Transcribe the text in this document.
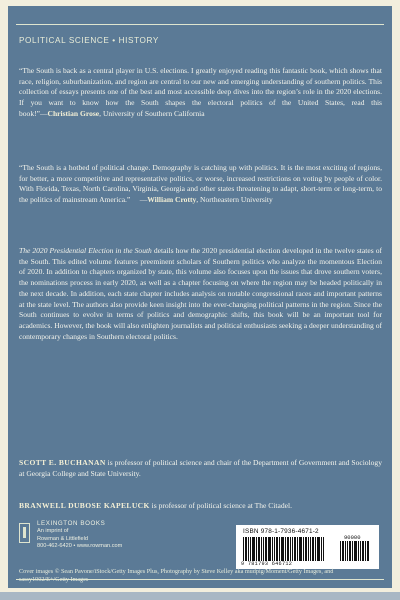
POLITICAL SCIENCE • HISTORY
“The South is back as a central player in U.S. elections. I greatly enjoyed reading this fantastic book, which shows that race, religion, suburbanization, and region are central to our new and emerging understanding of southern politics. This collection of essays presents one of the best and most accessible deep dives into the region’s role in the 2020 elections. If you want to know how the South shapes the electoral politics of the United States, read this book!”—Christian Grose, University of Southern California
“The South is a hotbed of political change. Demography is catching up with politics. It is the most exciting of regions, for better, a more competitive and representative politics, or worse, increased restrictions on voting by people of color. With Florida, Texas, North Carolina, Virginia, Georgia and other states threatening to adapt, short-term or long-term, to the politics of mainstream America.” —William Crotty, Northeastern University
The 2020 Presidential Election in the South details how the 2020 presidential election developed in the twelve states of the South. This edited volume features preeminent scholars of Southern politics who analyze the momentous Election of 2020. In addition to chapters organized by state, this volume also focuses upon the issues that drove southern voters, the nominations process in early 2020, as well as a chapter focusing on where the region may be headed politically in the next decade. In addition, each state chapter includes analysis on notable congressional races and important patterns at the state level. The authors also provide keen insight into the ever-changing political patterns in the region. Since the South continues to evolve in terms of politics and demographic shifts, this book will be an important tool for academics. However, the book will also enlighten journalists and political enthusiasts seeking a deeper understanding of contemporary changes in Southern electoral politics.
SCOTT E. BUCHANAN is professor of political science and chair of the Department of Government and Sociology at Georgia College and State University.
BRANWELL DUBOSE KAPELUCK is professor of political science at The Citadel.
LEXINGTON BOOKS
An imprint of
Rowman & Littlefield
800-462-6420 • www.rowman.com
ISBN 978-1-7936-4671-2
90000
9 781793 646712
Cover images © Sean Pavone/iStock/Getty Images Plus, Photography by Steve Kelley aka mudpig/Moment/Getty Images, and
